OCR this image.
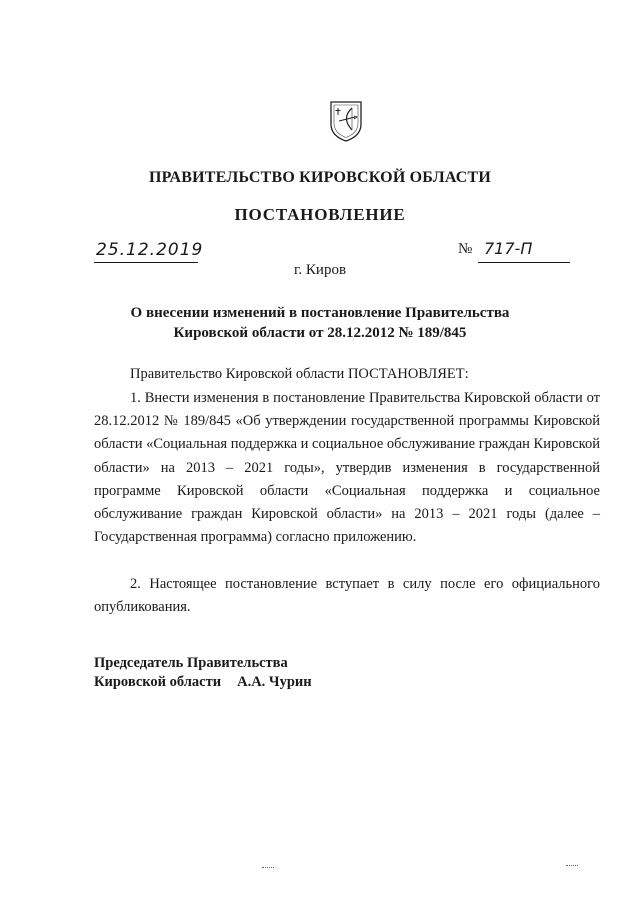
ПРАВИТЕЛЬСТВО КИРОВСКОЙ ОБЛАСТИ
ПОСТАНОВЛЕНИЕ
25.12.2019	№ 717-П
г. Киров
О внесении изменений в постановление Правительства
Кировской области от 28.12.2012 № 189/845
Правительство Кировской области ПОСТАНОВЛЯЕТ:
1. Внести изменения в постановление Правительства Кировской области от 28.12.2012 № 189/845 «Об утверждении государственной программы Кировской области «Социальная поддержка и социальное обслуживание граждан Кировской области» на 2013 – 2021 годы», утвердив изменения в государственной программе Кировской области «Социальная поддержка и социальное обслуживание граждан Кировской области» на 2013 – 2021 годы (далее – Государственная программа) согласно приложению.
2. Настоящее постановление вступает в силу после его официального опубликования.
Председатель Правительства
Кировской области А.А. Чурин
